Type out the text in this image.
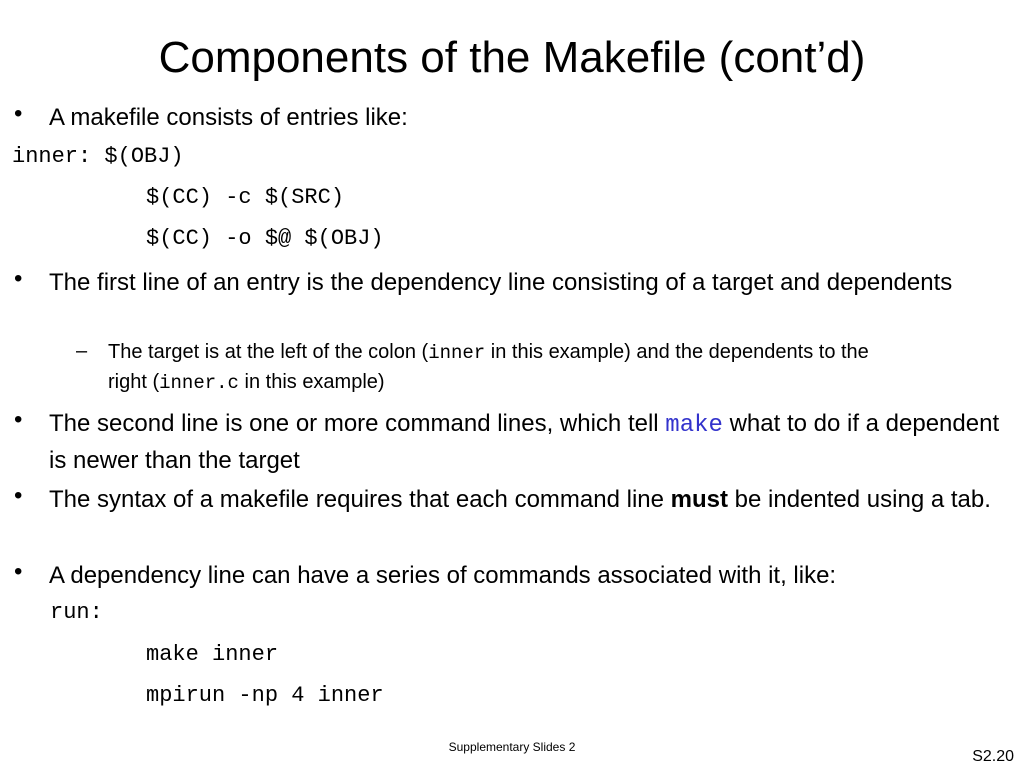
Components of the Makefile (cont’d)
• A makefile consists of entries like:
inner: $(OBJ)
$(CC) -c $(SRC)
$(CC) -o $@ $(OBJ)
• The first line of an entry is the dependency line consisting of a target and dependents
– The target is at the left of the colon (inner in this example) and the dependents to the right (inner.c in this example)
• The second line is one or more command lines, which tell make what to do if a dependent is newer than the target
• The syntax of a makefile requires that each command line must be indented using a tab.
• A dependency line can have a series of commands associated with it, like:
run:
make inner
mpirun -np 4 inner
Supplementary Slides 2
S2.20
